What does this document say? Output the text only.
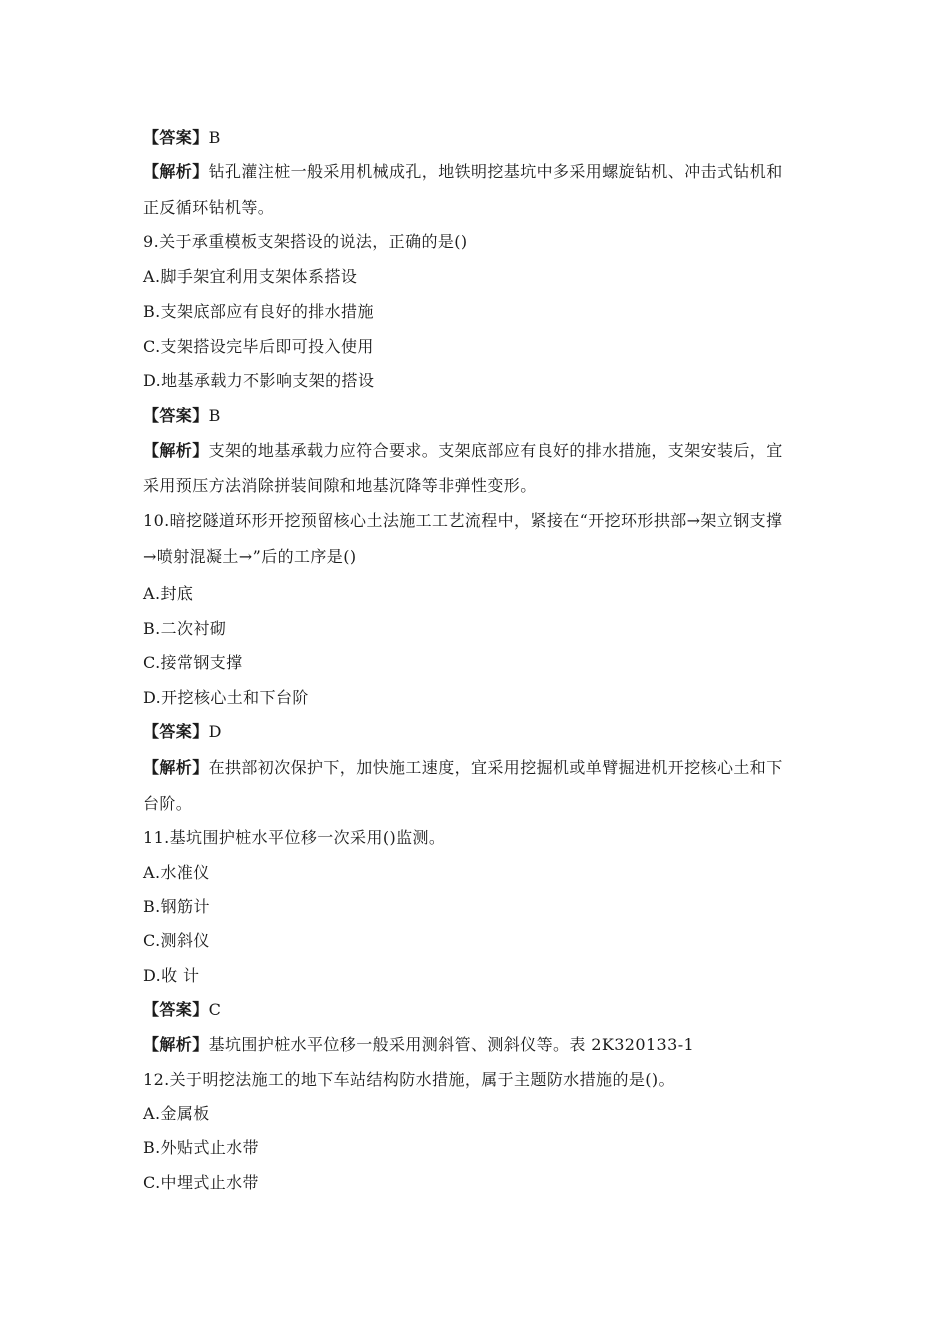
【答案】B
【解析】钻孔灌注桩一般采用机械成孔，地铁明挖基坑中多采用螺旋钻机、冲击式钻机和
正反循环钻机等。
9.关于承重模板支架搭设的说法，正确的是()
A.脚手架宜利用支架体系搭设
B.支架底部应有良好的排水措施
C.支架搭设完毕后即可投入使用
D.地基承载力不影响支架的搭设
【答案】B
【解析】支架的地基承载力应符合要求。支架底部应有良好的排水措施，支架安装后，宜
采用预压方法消除拼装间隙和地基沉降等非弹性变形。
10.暗挖隧道环形开挖预留核心土法施工工艺流程中，紧接在“开挖环形拱部→架立钢支撑
→喷射混凝土→”后的工序是()
A.封底
B.二次衬砌
C.接常钢支撑
D.开挖核心土和下台阶
【答案】D
【解析】在拱部初次保护下，加快施工速度，宜采用挖掘机或单臂掘进机开挖核心土和下
台阶。
11.基坑围护桩水平位移一次采用()监测。
A.水准仪
B.钢筋计
C.测斜仪
D.收 计
【答案】C
【解析】基坑围护桩水平位移一般采用测斜管、测斜仪等。表 2K320133-1
12.关于明挖法施工的地下车站结构防水措施，属于主题防水措施的是()。
A.金属板
B.外贴式止水带
C.中埋式止水带
